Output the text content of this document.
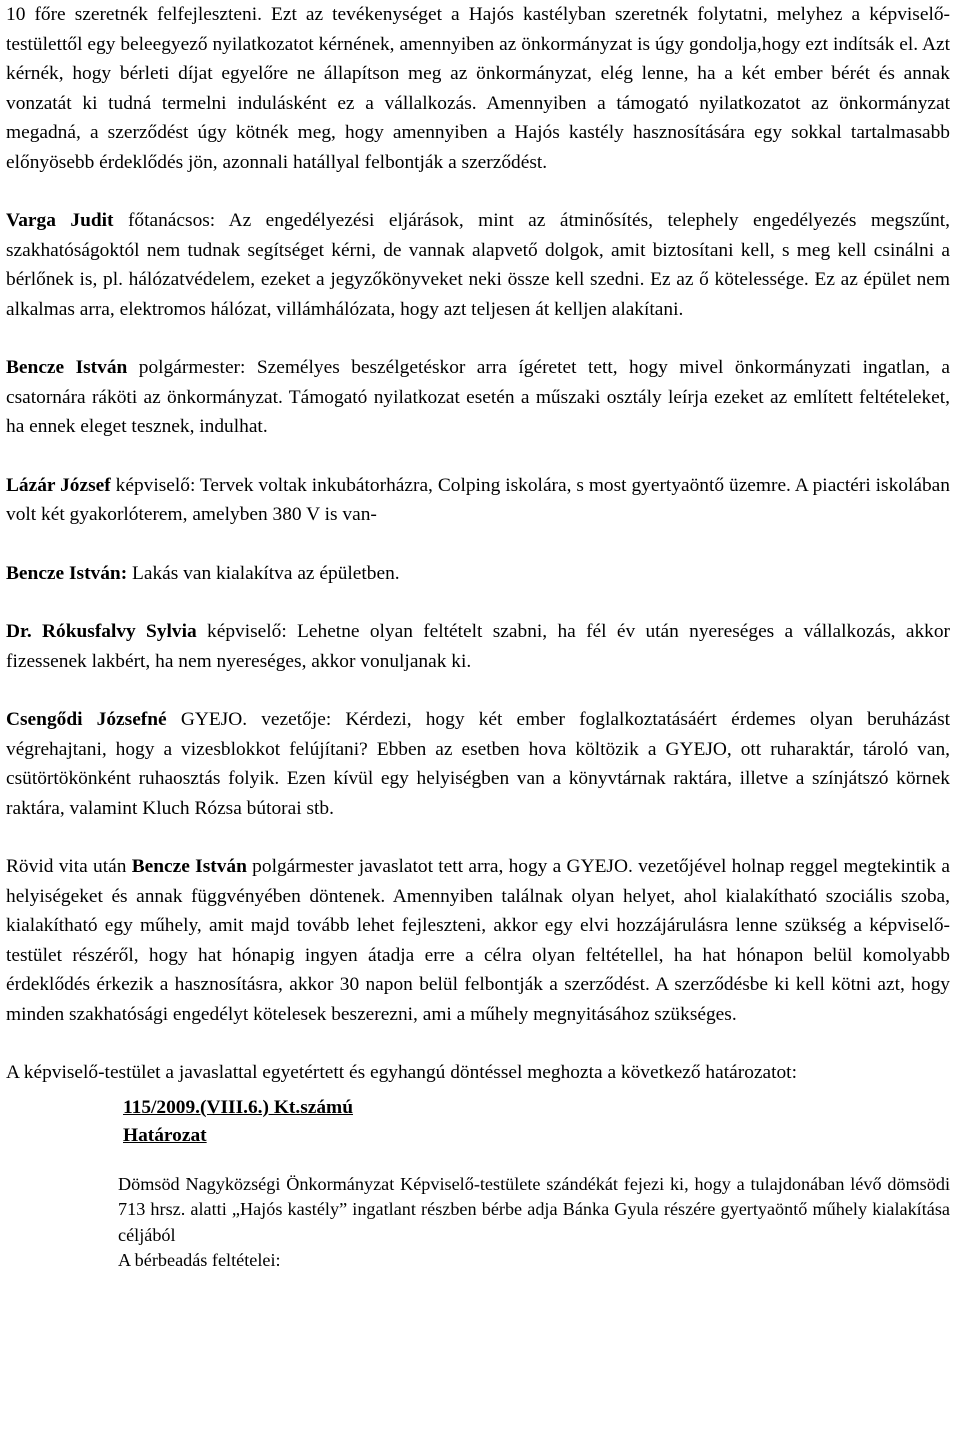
10 főre szeretnék felfejleszteni. Ezt az tevékenységet a Hajós kastélyban szeretnék folytatni, melyhez a képviselő-testülettől egy beleegyező nyilatkozatot kérnének, amennyiben az önkormányzat is úgy gondolja,hogy ezt indítsák el. Azt kérnék, hogy bérleti díjat egyelőre ne állapítson meg az önkormányzat, elég lenne, ha a két ember bérét és annak vonzatát ki tudná termelni indulásként ez a vállalkozás. Amennyiben a támogató nyilatkozatot az önkormányzat megadná, a szerződést úgy kötnék meg, hogy amennyiben a Hajós kastély hasznosítására egy sokkal tartalmasabb előnyösebb érdeklődés jön, azonnali hatállyal felbontják a szerződést.

Varga Judit főtanácsos: Az engedélyezési eljárások, mint az átminősítés, telephely engedélyezés megszűnt, szakhatóságoktól nem tudnak segítséget kérni, de vannak alapvető dolgok, amit biztosítani kell, s meg kell csinálni a bérlőnek is, pl. hálózatvédelem, ezeket a jegyzőkönyveket neki össze kell szedni. Ez az ő kötelessége. Ez az épület nem alkalmas arra, elektromos hálózat, villámhálózata, hogy azt teljesen át kelljen alakítani.

Bencze István polgármester: Személyes beszélgetéskor arra ígéretet tett, hogy mivel önkormányzati ingatlan, a csatornára ráköti az önkormányzat. Támogató nyilatkozat esetén a műszaki osztály leírja ezeket az említett feltételeket, ha ennek eleget tesznek, indulhat.

Lázár József képviselő: Tervek voltak inkubátorházra, Colping iskolára, s most gyertyaöntő üzemre. A piactéri iskolában volt két gyakorlóterem, amelyben 380 V is van-

Bencze István: Lakás van kialakítva az épületben.

Dr. Rókusfalvy Sylvia képviselő: Lehetne olyan feltételt szabni, ha fél év után nyereséges a vállalkozás, akkor fizessenek lakbért, ha nem nyereséges, akkor vonuljanak ki.

Csengődi Józsefné GYEJO. vezetője: Kérdezi, hogy két ember foglalkoztatásáért érdemes olyan beruházást végrehajtani, hogy a vizesblokkot felújítani? Ebben az esetben hova költözik a GYEJO, ott ruharaktár, tároló van, csütörtökönként ruhaosztás folyik. Ezen kívül egy helyiségben van a könyvtárnak raktára, illetve a színjátszó körnek raktára, valamint Kluch Rózsa bútorai stb.

Rövid vita után Bencze István polgármester javaslatot tett arra, hogy a GYEJO. vezetőjével holnap reggel megtekintik a helyiségeket és annak függvényében döntenek. Amennyiben találnak olyan helyet, ahol kialakítható szociális szoba, kialakítható egy műhely, amit majd tovább lehet fejleszteni, akkor egy elvi hozzájárulásra lenne szükség a képviselő-testület részéről, hogy hat hónapig ingyen átadja erre a célra olyan feltétellel, ha hat hónapon belül komolyabb érdeklődés érkezik a hasznosításra, akkor 30 napon belül felbontják a szerződést. A szerződésbe ki kell kötni azt, hogy minden szakhatósági engedélyt kötelesek beszerezni, ami a műhely megnyitásához szükséges.

A képviselő-testület a javaslattal egyetértett és egyhangú döntéssel meghozta a következő határozatot:

115/2009.(VIII.6.) Kt.számú
Határozat

Dömsöd Nagyközségi Önkormányzat Képviselő-testülete szándékát fejezi ki, hogy a tulajdonában lévő dömsödi 713 hrsz. alatti „Hajós kastély” ingatlant részben bérbe adja Bánka Gyula részére gyertyaöntő műhely kialakítása céljából

A bérbeadás feltételei:
